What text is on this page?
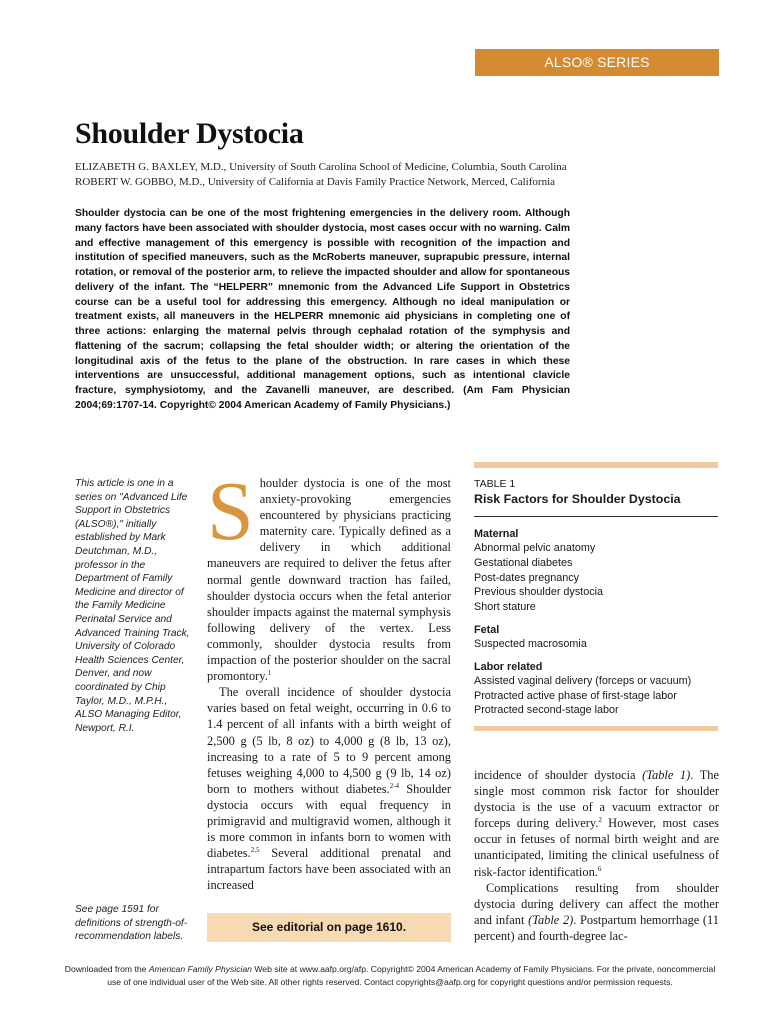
ALSO® SERIES
Shoulder Dystocia
ELIZABETH G. BAXLEY, M.D., University of South Carolina School of Medicine, Columbia, South Carolina
ROBERT W. GOBBO, M.D., University of California at Davis Family Practice Network, Merced, California

Shoulder dystocia can be one of the most frightening emergencies in the delivery room. Although many factors have been associated with shoulder dystocia, most cases occur with no warning. Calm and effective management of this emergency is possible with recognition of the impaction and institution of specified maneuvers, such as the McRoberts maneuver, suprapubic pressure, internal rotation, or removal of the posterior arm, to relieve the impacted shoulder and allow for spontaneous delivery of the infant. The “HELPERR” mnemonic from the Advanced Life Support in Obstetrics course can be a useful tool for addressing this emergency. Although no ideal manipulation or treatment exists, all maneuvers in the HELPERR mnemonic aid physicians in completing one of three actions: enlarging the maternal pelvis through cephalad rotation of the symphysis and flattening of the sacrum; collapsing the fetal shoulder width; or altering the orientation of the longitudinal axis of the fetus to the plane of the obstruction. In rare cases in which these interventions are unsuccessful, additional management options, such as intentional clavicle fracture, symphysiotomy, and the Zavanelli maneuver, are described. (Am Fam Physician 2004;69:1707-14. Copyright© 2004 American Academy of Family Physicians.)

This article is one in a series on "Advanced Life Support in Obstetrics (ALSO®)," initially established by Mark Deutchman, M.D., professor in the Department of Family Medicine and director of the Family Medicine Perinatal Service and Advanced Training Track, University of Colorado Health Sciences Center, Denver, and now coordinated by Chip Taylor, M.D., M.P.H., ALSO Managing Editor, Newport, R.I.

See page 1591 for definitions of strength-of-recommendation labels.

Shoulder dystocia is one of the most anxiety-provoking emergencies encountered by physicians practicing maternity care. Typically defined as a delivery in which additional maneuvers are required to deliver the fetus after normal gentle downward traction has failed, shoulder dystocia occurs when the fetal anterior shoulder impacts against the maternal symphysis following delivery of the vertex. Less commonly, shoulder dystocia results from impaction of the posterior shoulder on the sacral promontory.$^1$

The overall incidence of shoulder dystocia varies based on fetal weight, occurring in 0.6 to 1.4 percent of all infants with a birth weight of 2,500 g (5 lb, 8 oz) to 4,000 g (8 lb, 13 oz), increasing to a rate of 5 to 9 percent among fetuses weighing 4,000 to 4,500 g (9 lb, 14 oz) born to mothers without diabetes.$^{2-4}$ Shoulder dystocia occurs with equal frequency in primigravid and multigravid women, although it is more common in infants born to women with diabetes.$^{2,5}$ Several additional prenatal and intrapartum factors have been associated with an increased

See editorial on page 1610.
TABLE 1
Risk Factors for Shoulder Dystocia
Maternal
Abnormal pelvic anatomy
Gestational diabetes
Post-dates pregnancy
Previous shoulder dystocia
Short stature
Fetal
Suspected macrosomia
Labor related
Assisted vaginal delivery (forceps or vacuum)
Protracted active phase of first-stage labor
Protracted second-stage labor

incidence of shoulder dystocia (Table 1). The single most common risk factor for shoulder dystocia is the use of a vacuum extractor or forceps during delivery.$^2$ However, most cases occur in fetuses of normal birth weight and are unanticipated, limiting the clinical usefulness of risk-factor identification.$^6$

Complications resulting from shoulder dystocia during delivery can affect the mother and infant (Table 2). Postpartum hemorrhage (11 percent) and fourth-degree lac-

Downloaded from the American Family Physician Web site at www.aafp.org/afp. Copyright© 2004 American Academy of Family Physicians. For the private, noncommercial
use of one individual user of the Web site. All other rights reserved. Contact copyrights@aafp.org for copyright questions and/or permission requests.
